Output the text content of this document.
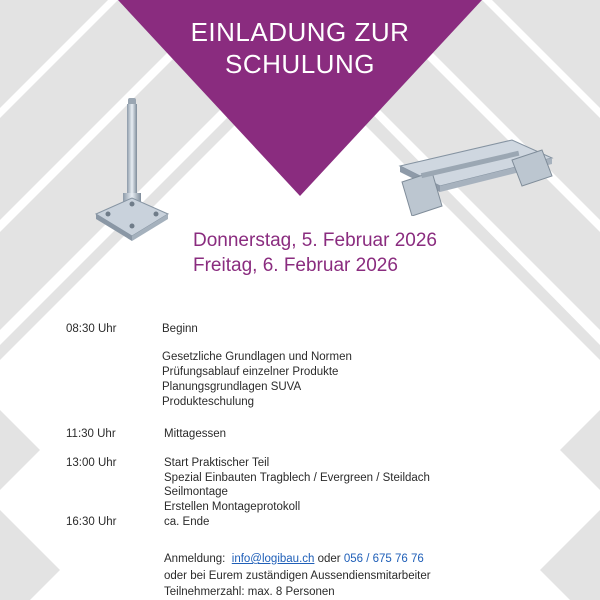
EINLADUNG ZUR
SCHULUNG
Donnerstag, 5. Februar 2026
Freitag, 6. Februar 2026
08:30 Uhr	Beginn
Gesetzliche Grundlagen und Normen
Prüfungsablauf einzelner Produkte
Planungsgrundlagen SUVA
Produkteschulung
11:30 Uhr	Mittagessen
13:00 Uhr	Start Praktischer Teil
Spezial Einbauten Tragblech / Evergreen / Steildach
Seilmontage
Erstellen Montageprotokoll
16:30 Uhr	ca. Ende
Anmeldung: info@logibau.ch oder 056 / 675 76 76
oder bei Eurem zuständigen Aussendiensmitarbeiter
Teilnehmerzahl: max. 8 Personen
